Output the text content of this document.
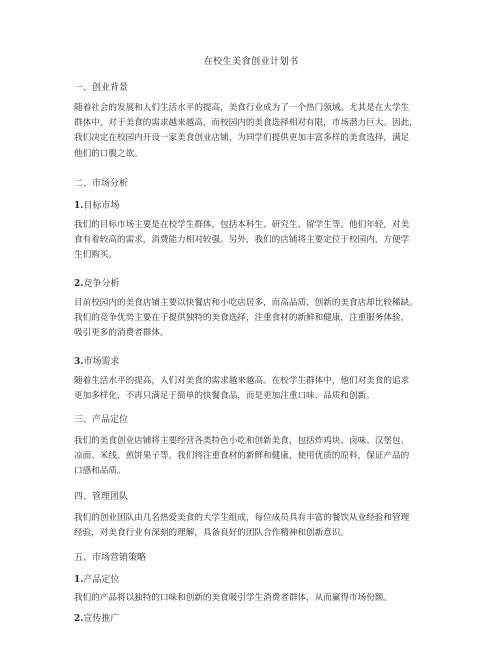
在校生美食创业计划书
一、创业背景
随着社会的发展和人们生活水平的提高，美食行业成为了一个热门领域。尤其是在大学生
群体中，对于美食的需求越来越高，而校园内的美食选择相对有限，市场潜力巨大。因此，
我们决定在校园内开设一家美食创业店铺，为同学们提供更加丰富多样的美食选择，满足
他们的口腹之欲。
二、市场分析
1.目标市场
我们的目标市场主要是在校学生群体，包括本科生、研究生、留学生等。他们年轻，对美
食有着较高的需求，消费能力相对较强。另外，我们的店铺将主要定位于校园内，方便学
生们购买。
2.竞争分析
目前校园内的美食店铺主要以快餐店和小吃店居多，而高品质、创新的美食店却比较稀缺。
我们的竞争优势主要在于提供独特的美食选择，注重食材的新鲜和健康，注重服务体验，
吸引更多的消费者群体。
3.市场需求
随着生活水平的提高，人们对美食的需求越来越高。在校学生群体中，他们对美食的追求
更加多样化，不再只满足于简单的快餐食品，而是更加注重口味、品质和创新。
三、产品定位
我们的美食创业店铺将主要经营各类特色小吃和创新美食，包括炸鸡块、卤味、汉堡包、
凉面、米线、煎饼果子等。我们将注重食材的新鲜和健康，使用优质的原料，保证产品的
口感和品质。
四、管理团队
我们的创业团队由几名热爱美食的大学生组成，每位成员具有丰富的餐饮从业经验和管理
经验，对美食行业有深刻的理解，具备良好的团队合作精神和创新意识。
五、市场营销策略
1.产品定位
我们的产品将以独特的口味和创新的美食吸引学生消费者群体，从而赢得市场份额。
2.宣传推广
